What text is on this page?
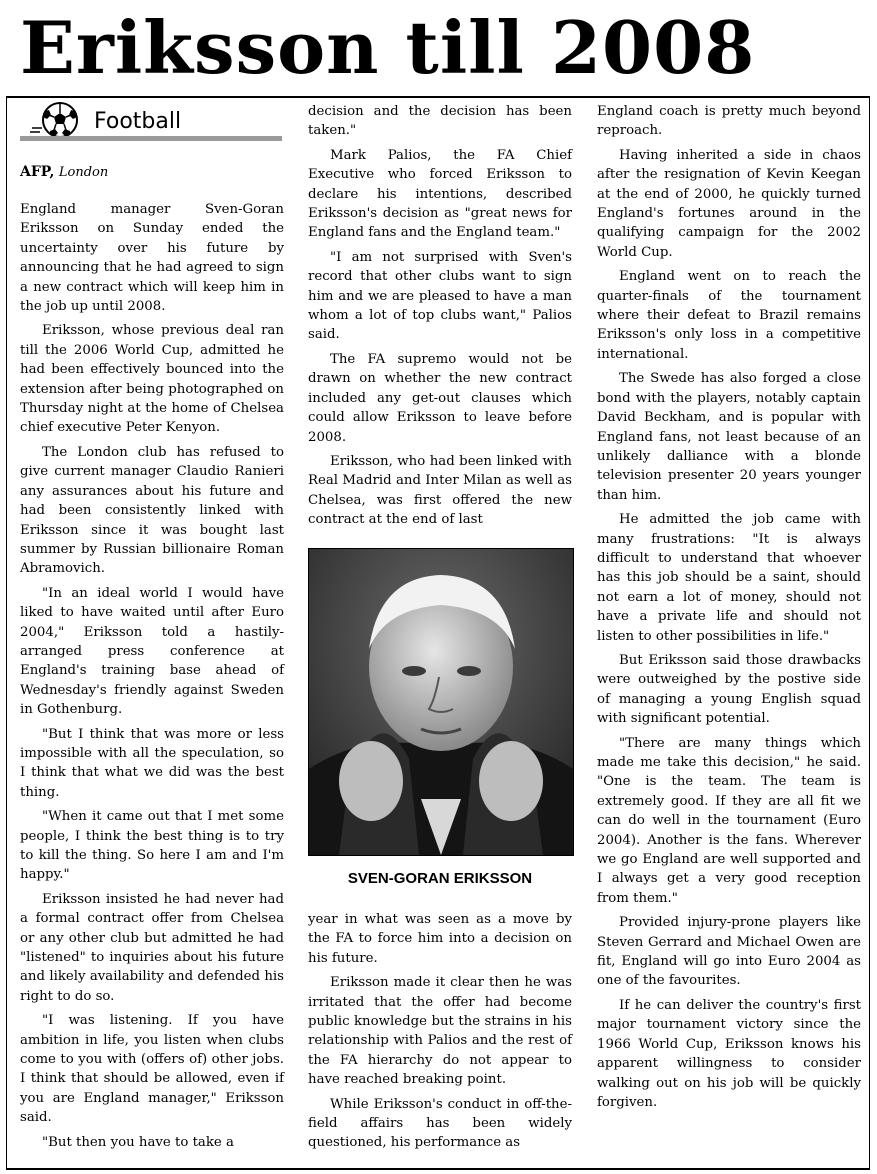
Eriksson till 2008
Football
AFP, London

England manager Sven-Goran Eriksson on Sunday ended the uncertainty over his future by announcing that he had agreed to sign a new contract which will keep him in the job up until 2008.

Eriksson, whose previous deal ran till the 2006 World Cup, admitted he had been effectively bounced into the extension after being photographed on Thursday night at the home of Chelsea chief executive Peter Kenyon.

The London club has refused to give current manager Claudio Ranieri any assurances about his future and had been consistently linked with Eriksson since it was bought last summer by Russian billionaire Roman Abramovich.

"In an ideal world I would have liked to have waited until after Euro 2004," Eriksson told a hastily-arranged press conference at England's training base ahead of Wednesday's friendly against Sweden in Gothenburg.

"But I think that was more or less impossible with all the speculation, so I think that what we did was the best thing.

"When it came out that I met some people, I think the best thing is to try to kill the thing. So here I am and I'm happy."

Eriksson insisted he had never had a formal contract offer from Chelsea or any other club but admitted he had "listened" to inquiries about his future and likely availability and defended his right to do so.

"I was listening. If you have ambition in life, you listen when clubs come to you with (offers of) other jobs. I think that should be allowed, even if you are England manager," Eriksson said.

"But then you have to take a

decision and the decision has been taken."

Mark Palios, the FA Chief Executive who forced Eriksson to declare his intentions, described Eriksson's decision as "great news for England fans and the England team."

"I am not surprised with Sven's record that other clubs want to sign him and we are pleased to have a man whom a lot of top clubs want," Palios said.

The FA supremo would not be drawn on whether the new contract included any get-out clauses which could allow Eriksson to leave before 2008.

Eriksson, who had been linked with Real Madrid and Inter Milan as well as Chelsea, was first offered the new contract at the end of last

SVEN-GORAN ERIKSSON

year in what was seen as a move by the FA to force him into a decision on his future.

Eriksson made it clear then he was irritated that the offer had become public knowledge but the strains in his relationship with Palios and the rest of the FA hierarchy do not appear to have reached breaking point.

While Eriksson's conduct in off-the-field affairs has been widely questioned, his performance as

England coach is pretty much beyond reproach.

Having inherited a side in chaos after the resignation of Kevin Keegan at the end of 2000, he quickly turned England's fortunes around in the qualifying campaign for the 2002 World Cup.

England went on to reach the quarter-finals of the tournament where their defeat to Brazil remains Eriksson's only loss in a competitive international.

The Swede has also forged a close bond with the players, notably captain David Beckham, and is popular with England fans, not least because of an unlikely dalliance with a blonde television presenter 20 years younger than him.

He admitted the job came with many frustrations: "It is always difficult to understand that whoever has this job should be a saint, should not earn a lot of money, should not have a private life and should not listen to other possibilities in life."

But Eriksson said those drawbacks were outweighed by the postive side of managing a young English squad with significant potential.

"There are many things which made me take this decision," he said. "One is the team. The team is extremely good. If they are all fit we can do well in the tournament (Euro 2004). Another is the fans. Wherever we go England are well supported and I always get a very good reception from them."

Provided injury-prone players like Steven Gerrard and Michael Owen are fit, England will go into Euro 2004 as one of the favourites.

If he can deliver the country's first major tournament victory since the 1966 World Cup, Eriksson knows his apparent willingness to consider walking out on his job will be quickly forgiven.
